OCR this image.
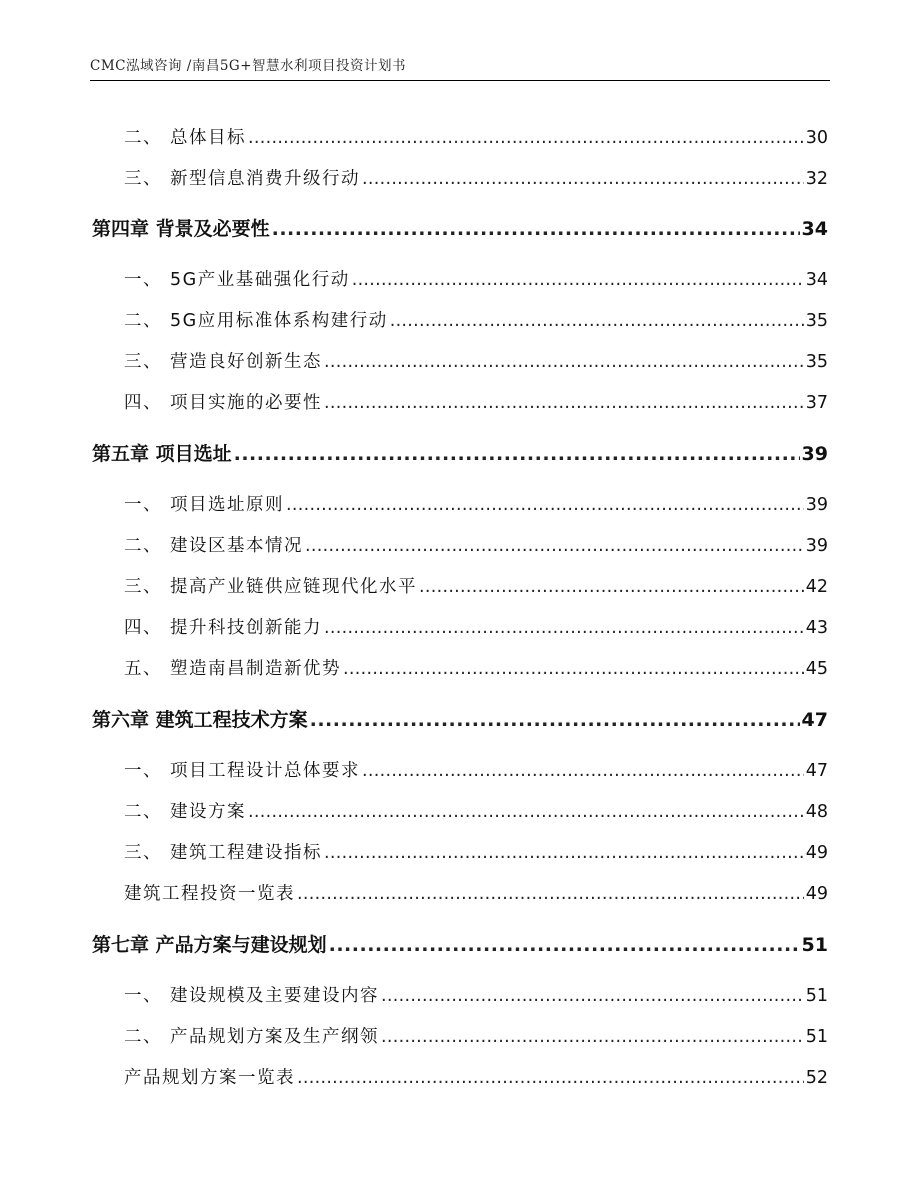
CMC泓域咨询 /南昌5G+智慧水利项目投资计划书
二、 总体目标 .....	30
三、 新型信息消费升级行动 .....	32
第四章 背景及必要性 .....	34
一、 5G产业基础强化行动 .....	34
二、 5G应用标准体系构建行动 .....	35
三、 营造良好创新生态 .....	35
四、 项目实施的必要性 .....	37
第五章 项目选址 .....	39
一、 项目选址原则 .....	39
二、 建设区基本情况 .....	39
三、 提高产业链供应链现代化水平 .....	42
四、 提升科技创新能力 .....	43
五、 塑造南昌制造新优势 .....	45
第六章 建筑工程技术方案 .....	47
一、 项目工程设计总体要求 .....	47
二、 建设方案 .....	48
三、 建筑工程建设指标 .....	49
建筑工程投资一览表 .....	49
第七章 产品方案与建设规划 .....	51
一、 建设规模及主要建设内容 .....	51
二、 产品规划方案及生产纲领 .....	51
产品规划方案一览表 .....	52
